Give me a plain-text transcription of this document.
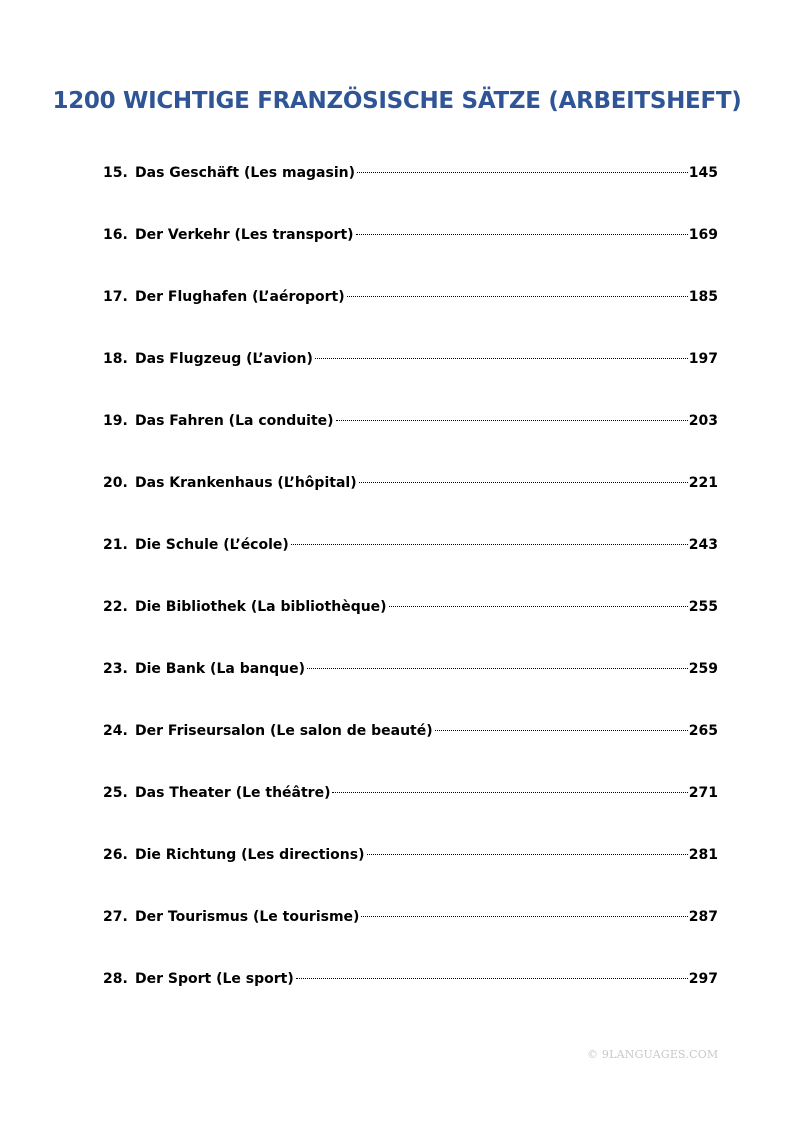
1200 WICHTIGE FRANZÖSISCHE SÄTZE (ARBEITSHEFT)
15. Das Geschäft (Les magasin)	145
16. Der Verkehr (Les transport)	169
17. Der Flughafen (L’aéroport)	185
18. Das Flugzeug (L’avion)	197
19. Das Fahren (La conduite)	203
20. Das Krankenhaus (L’hôpital)	221
21. Die Schule (L’école)	243
22. Die Bibliothek (La bibliothèque)	255
23. Die Bank (La banque)	259
24. Der Friseursalon (Le salon de beauté)	265
25. Das Theater (Le théâtre)	271
26. Die Richtung (Les directions)	281
27. Der Tourismus (Le tourisme)	287
28. Der Sport (Le sport)	297
© 9LANGUAGES.COM
